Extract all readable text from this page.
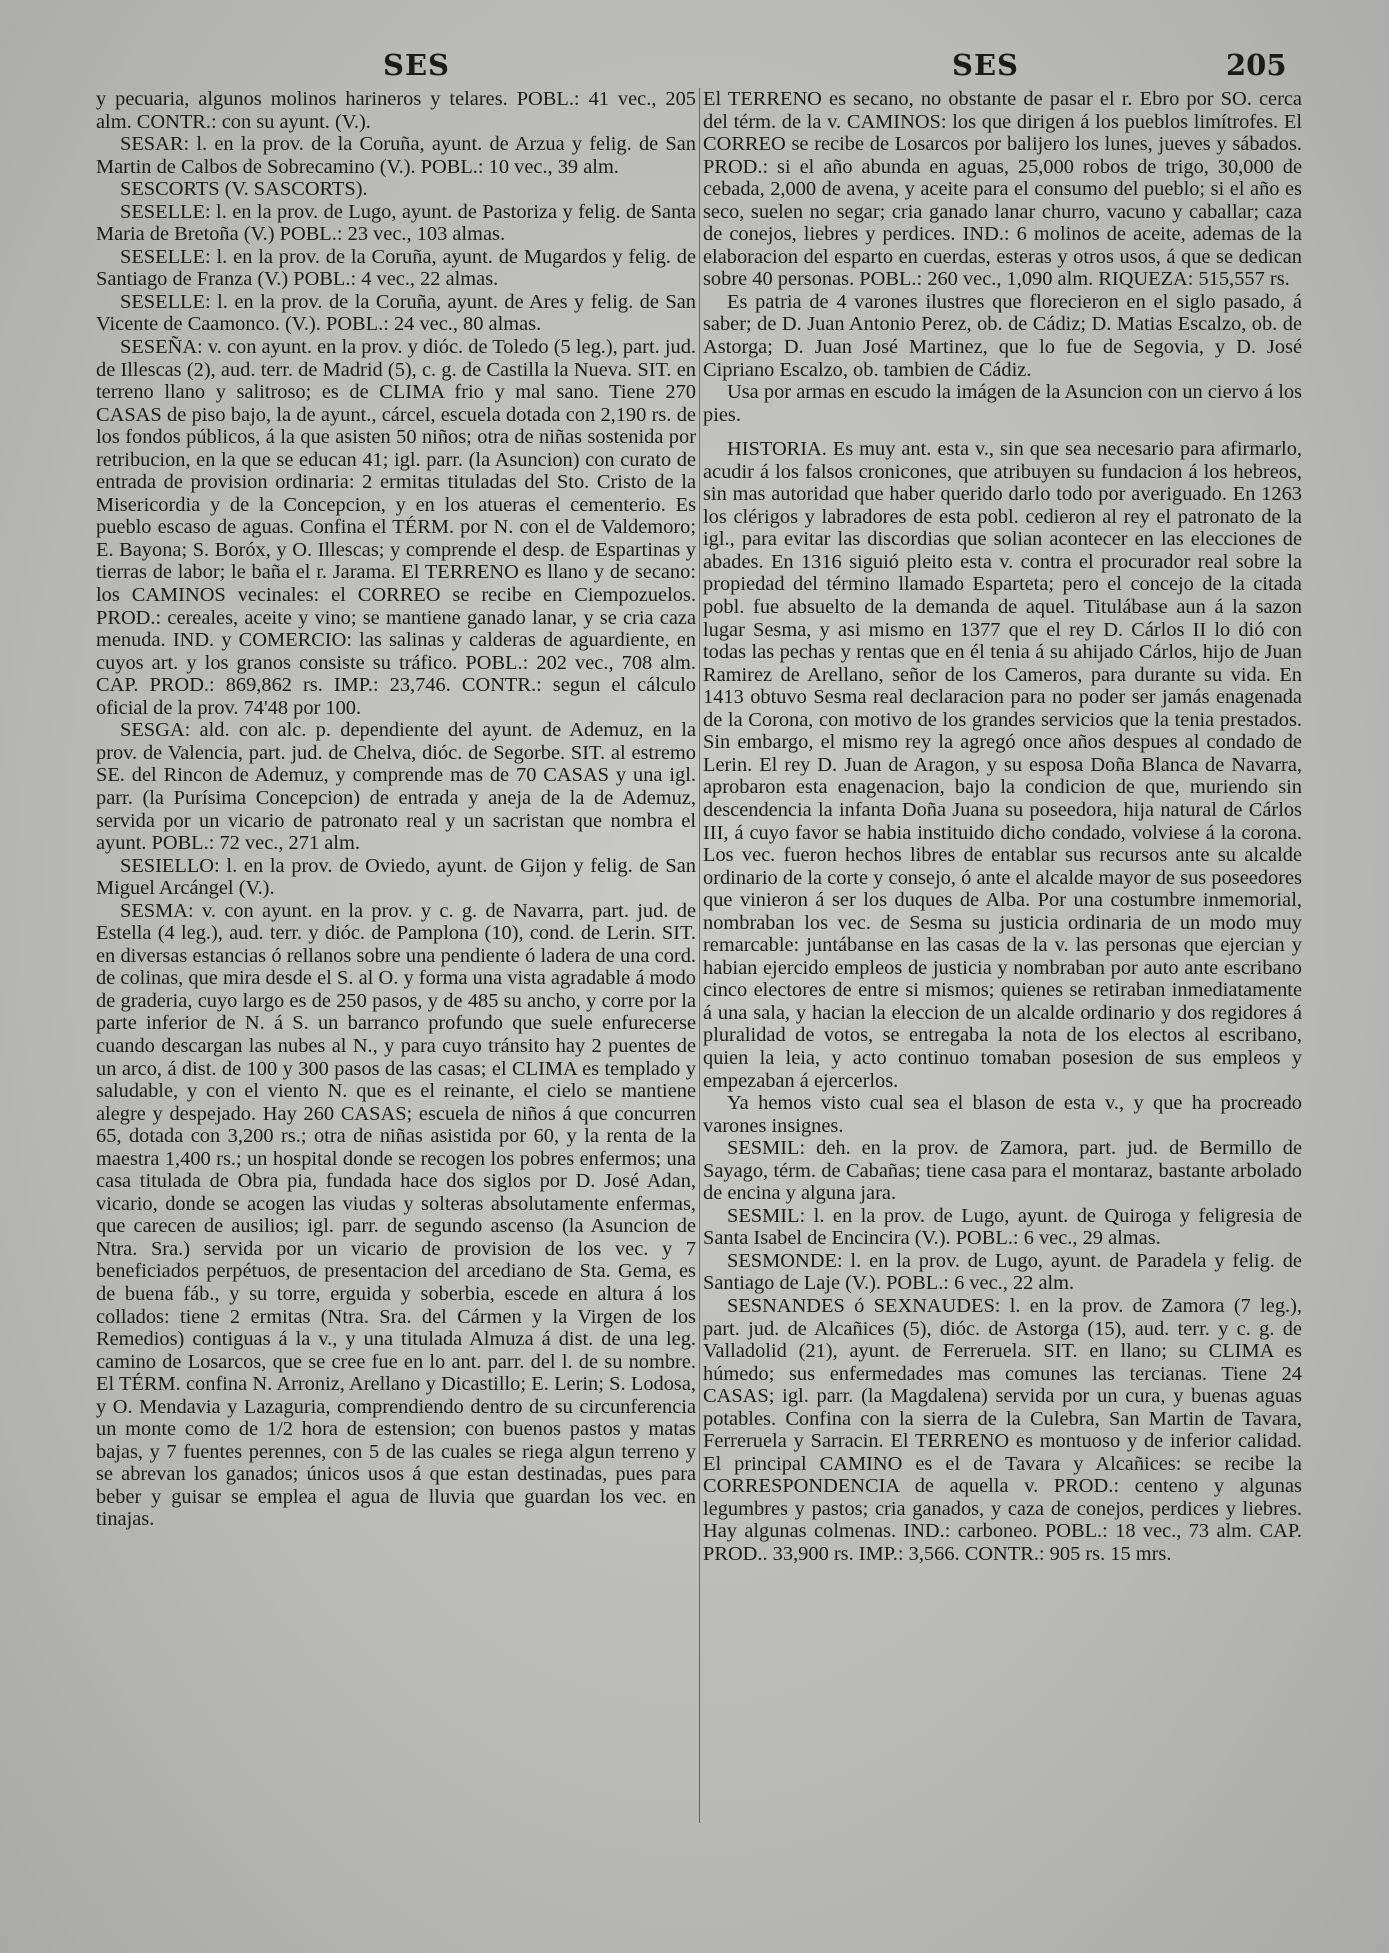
SES	SES	205

y pecuaria, algunos molinos harineros y telares. POBL.: 41 vec., 205 alm. CONTR.: con su ayunt. (V.).

SESAR: l. en la prov. de la Coruña, ayunt. de Arzua y felig. de San Martin de Calbos de Sobrecamino (V.). POBL.: 10 vec., 39 alm.

SESCORTS (V. SASCORTS).

SESELLE: l. en la prov. de Lugo, ayunt. de Pastoriza y felig. de Santa Maria de Bretoña (V.) POBL.: 23 vec., 103 almas.

SESELLE: l. en la prov. de la Coruña, ayunt. de Mugardos y felig. de Santiago de Franza (V.) POBL.: 4 vec., 22 almas.

SESELLE: l. en la prov. de la Coruña, ayunt. de Ares y felig. de San Vicente de Caamonco. (V.). POBL.: 24 vec., 80 almas.

SESEÑA: v. con ayunt. en la prov. y dióc. de Toledo (5 leg.), part. jud. de Illescas (2), aud. terr. de Madrid (5), c. g. de Castilla la Nueva. SIT. en terreno llano y salitroso; es de CLIMA frio y mal sano. Tiene 270 CASAS de piso bajo, la de ayunt., cárcel, escuela dotada con 2,190 rs. de los fondos públicos, á la que asisten 50 niños; otra de niñas sostenida por retribucion, en la que se educan 41; igl. parr. (la Asuncion) con curato de entrada de provision ordinaria: 2 ermitas tituladas del Sto. Cristo de la Misericordia y de la Concepcion, y en los atueras el cementerio. Es pueblo escaso de aguas. Confina el TÉRM. por N. con el de Valdemoro; E. Bayona; S. Boróx, y O. Illescas; y comprende el desp. de Espartinas y tierras de labor; le baña el r. Jarama. El TERRENO es llano y de secano: los CAMINOS vecinales: el CORREO se recibe en Ciempozuelos. PROD.: cereales, aceite y vino; se mantiene ganado lanar, y se cria caza menuda. IND. y COMERCIO: las salinas y calderas de aguardiente, en cuyos art. y los granos consiste su tráfico. POBL.: 202 vec., 708 alm. CAP. PROD.: 869,862 rs. IMP.: 23,746. CONTR.: segun el cálculo oficial de la prov. 74'48 por 100.

SESGA: ald. con alc. p. dependiente del ayunt. de Ademuz, en la prov. de Valencia, part. jud. de Chelva, dióc. de Segorbe. SIT. al estremo SE. del Rincon de Ademuz, y comprende mas de 70 CASAS y una igl. parr. (la Purísima Concepcion) de entrada y aneja de la de Ademuz, servida por un vicario de patronato real y un sacristan que nombra el ayunt. POBL.: 72 vec., 271 alm.

SESIELLO: l. en la prov. de Oviedo, ayunt. de Gijon y felig. de San Miguel Arcángel (V.).

SESMA: v. con ayunt. en la prov. y c. g. de Navarra, part. jud. de Estella (4 leg.), aud. terr. y dióc. de Pamplona (10), cond. de Lerin. SIT. en diversas estancias ó rellanos sobre una pendiente ó ladera de una cord. de colinas, que mira desde el S. al O. y forma una vista agradable á modo de graderia, cuyo largo es de 250 pasos, y de 485 su ancho, y corre por la parte inferior de N. á S. un barranco profundo que suele enfurecerse cuando descargan las nubes al N., y para cuyo tránsito hay 2 puentes de un arco, á dist. de 100 y 300 pasos de las casas; el CLIMA es templado y saludable, y con el viento N. que es el reinante, el cielo se mantiene alegre y despejado. Hay 260 CASAS; escuela de niños á que concurren 65, dotada con 3,200 rs.; otra de niñas asistida por 60, y la renta de la maestra 1,400 rs.; un hospital donde se recogen los pobres enfermos; una casa titulada de Obra pia, fundada hace dos siglos por D. José Adan, vicario, donde se acogen las viudas y solteras absolutamente enfermas, que carecen de ausilios; igl. parr. de segundo ascenso (la Asuncion de Ntra. Sra.) servida por un vicario de provision de los vec. y 7 beneficiados perpétuos, de presentacion del arcediano de Sta. Gema, es de buena fáb., y su torre, erguida y soberbia, escede en altura á los collados: tiene 2 ermitas (Ntra. Sra. del Cármen y la Virgen de los Remedios) contiguas á la v., y una titulada Almuza á dist. de una leg. camino de Losarcos, que se cree fue en lo ant. parr. del l. de su nombre. El TÉRM. confina N. Arroniz, Arellano y Dicastillo; E. Lerin; S. Lodosa, y O. Mendavia y Lazaguria, comprendiendo dentro de su circunferencia un monte como de 1/2 hora de estension; con buenos pastos y matas bajas, y 7 fuentes perennes, con 5 de las cuales se riega algun terreno y se abrevan los ganados; únicos usos á que estan destinadas, pues para beber y guisar se emplea el agua de lluvia que guardan los vec. en tinajas.

El TERRENO es secano, no obstante de pasar el r. Ebro por SO. cerca del térm. de la v. CAMINOS: los que dirigen á los pueblos limítrofes. El CORREO se recibe de Losarcos por balijero los lunes, jueves y sábados. PROD.: si el año abunda en aguas, 25,000 robos de trigo, 30,000 de cebada, 2,000 de avena, y aceite para el consumo del pueblo; si el año es seco, suelen no segar; cria ganado lanar churro, vacuno y caballar; caza de conejos, liebres y perdices. IND.: 6 molinos de aceite, ademas de la elaboracion del esparto en cuerdas, esteras y otros usos, á que se dedican sobre 40 personas. POBL.: 260 vec., 1,090 alm. RIQUEZA: 515,557 rs.

Es patria de 4 varones ilustres que florecieron en el siglo pasado, á saber; de D. Juan Antonio Perez, ob. de Cádiz; D. Matias Escalzo, ob. de Astorga; D. Juan José Martinez, que lo fue de Segovia, y D. José Cipriano Escalzo, ob. tambien de Cádiz.

Usa por armas en escudo la imágen de la Asuncion con un ciervo á los pies.

HISTORIA. Es muy ant. esta v., sin que sea necesario para afirmarlo, acudir á los falsos cronicones, que atribuyen su fundacion á los hebreos, sin mas autoridad que haber querido darlo todo por averiguado. En 1263 los clérigos y labradores de esta pobl. cedieron al rey el patronato de la igl., para evitar las discordias que solian acontecer en las elecciones de abades. En 1316 siguió pleito esta v. contra el procurador real sobre la propiedad del término llamado Esparteta; pero el concejo de la citada pobl. fue absuelto de la demanda de aquel. Titulábase aun á la sazon lugar Sesma, y asi mismo en 1377 que el rey D. Cárlos II lo dió con todas las pechas y rentas que en él tenia á su ahijado Cárlos, hijo de Juan Ramirez de Arellano, señor de los Cameros, para durante su vida. En 1413 obtuvo Sesma real declaracion para no poder ser jamás enagenada de la Corona, con motivo de los grandes servicios que la tenia prestados. Sin embargo, el mismo rey la agregó once años despues al condado de Lerin. El rey D. Juan de Aragon, y su esposa Doña Blanca de Navarra, aprobaron esta enagenacion, bajo la condicion de que, muriendo sin descendencia la infanta Doña Juana su poseedora, hija natural de Cárlos III, á cuyo favor se habia instituido dicho condado, volviese á la corona. Los vec. fueron hechos libres de entablar sus recursos ante su alcalde ordinario de la corte y consejo, ó ante el alcalde mayor de sus poseedores que vinieron á ser los duques de Alba. Por una costumbre inmemorial, nombraban los vec. de Sesma su justicia ordinaria de un modo muy remarcable: juntábanse en las casas de la v. las personas que ejercian y habian ejercido empleos de justicia y nombraban por auto ante escribano cinco electores de entre si mismos; quienes se retiraban inmediatamente á una sala, y hacian la eleccion de un alcalde ordinario y dos regidores á pluralidad de votos, se entregaba la nota de los electos al escribano, quien la leia, y acto continuo tomaban posesion de sus empleos y empezaban á ejercerlos.

Ya hemos visto cual sea el blason de esta v., y que ha procreado varones insignes.

SESMIL: deh. en la prov. de Zamora, part. jud. de Bermillo de Sayago, térm. de Cabañas; tiene casa para el montaraz, bastante arbolado de encina y alguna jara.

SESMIL: l. en la prov. de Lugo, ayunt. de Quiroga y feligresia de Santa Isabel de Encincira (V.). POBL.: 6 vec., 29 almas.

SESMONDE: l. en la prov. de Lugo, ayunt. de Paradela y felig. de Santiago de Laje (V.). POBL.: 6 vec., 22 alm.

SESNANDES ó SEXNAUDES: l. en la prov. de Zamora (7 leg.), part. jud. de Alcañices (5), dióc. de Astorga (15), aud. terr. y c. g. de Valladolid (21), ayunt. de Ferreruela. SIT. en llano; su CLIMA es húmedo; sus enfermedades mas comunes las tercianas. Tiene 24 CASAS; igl. parr. (la Magdalena) servida por un cura, y buenas aguas potables. Confina con la sierra de la Culebra, San Martin de Tavara, Ferreruela y Sarracin. El TERRENO es montuoso y de inferior calidad. El principal CAMINO es el de Tavara y Alcañices: se recibe la CORRESPONDENCIA de aquella v. PROD.: centeno y algunas legumbres y pastos; cria ganados, y caza de conejos, perdices y liebres. Hay algunas colmenas. IND.: carboneo. POBL.: 18 vec., 73 alm. CAP. PROD.. 33,900 rs. IMP.: 3,566. CONTR.: 905 rs. 15 mrs.
